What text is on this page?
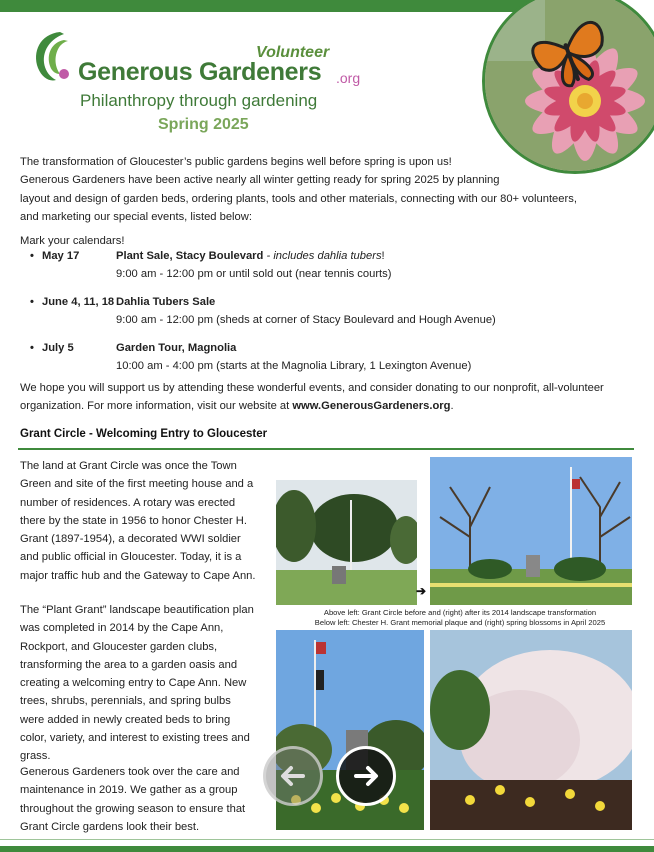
Volunteer
Generous Gardeners .org
Philanthropy through gardening
Spring 2025
The transformation of Gloucester’s public gardens begins well before spring is upon us!
Generous Gardeners have been active nearly all winter getting ready for spring 2025 by planning
layout and design of garden beds, ordering plants, tools and other materials, connecting with our 80+ volunteers,
and marketing our special events, listed below:
Mark your calendars!
• May 17	Plant Sale, Stacy Boulevard - includes dahlia tubers!
9:00 am - 12:00 pm or until sold out (near tennis courts)
• June 4, 11, 18 Dahlia Tubers Sale
9:00 am - 12:00 pm (sheds at corner of Stacy Boulevard and Hough Avenue)
• July 5	Garden Tour, Magnolia
10:00 am - 4:00 pm (starts at the Magnolia Library, 1 Lexington Avenue)
We hope you will support us by attending these wonderful events, and consider donating to our nonprofit, all-volunteer
organization. For more information, visit our website at www.GenerousGardeners.org.
Grant Circle - Welcoming Entry to Gloucester
The land at Grant Circle was once the Town Green and site of the first meeting house and a number of residences. A rotary was erected there by the state in 1956 to honor Chester H. Grant (1897-1954), a decorated WWI soldier and public official in Gloucester. Today, it is a major traffic hub and the Gateway to Cape Ann.
The “Plant Grant” landscape beautification plan was completed in 2014 by the Cape Ann, Rockport, and Gloucester garden clubs, transforming the area to a garden oasis and creating a welcoming entry to Cape Ann. New trees, shrubs, perennials, and spring bulbs were added in newly created beds to bring color, variety, and interest to existing trees and grass.
Generous Gardeners took over the care and maintenance in 2019. We gather as a group throughout the growing season to ensure that Grant Circle gardens look their best.
➔
Above left: Grant Circle before and (right) after its 2014 landscape transformation
Below left: Chester H. Grant memorial plaque and (right) spring blossoms in April 2025
